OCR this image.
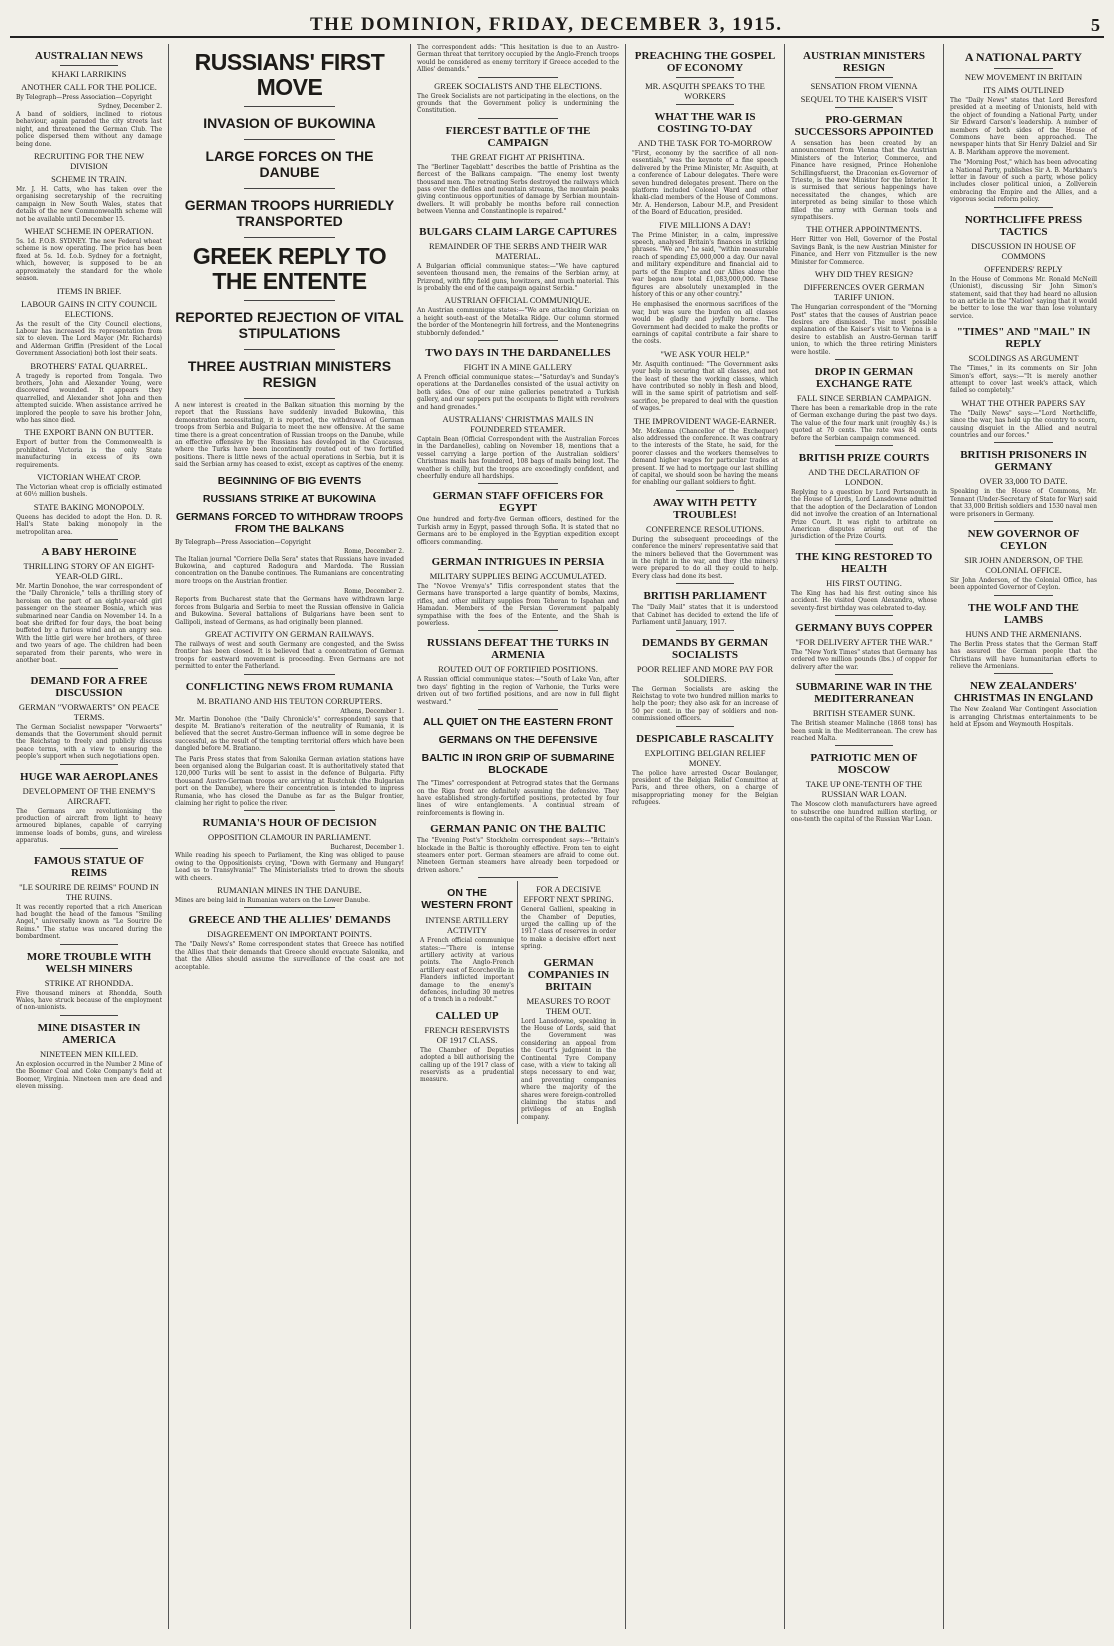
THE DOMINION, FRIDAY, DECEMBER 3, 1915.	5
AUSTRALIAN NEWS
KHAKI LARRIKINS
ANOTHER CALL FOR THE POLICE.
By Telegraph—Press Association—Copyright
Sydney, December 2.

A band of soldiers, inclined to riotous behaviour, again paraded the city streets last night, and threatened the German Club. The police dispersed them without any damage being done.

RECRUITING FOR THE NEW DIVISION
SCHEME IN TRAIN.

Mr. J. H. Catts, who has taken over the organising secretaryship of the recruiting campaign in New South Wales, states that details of the new Commonwealth scheme will not be available until December 15.

WHEAT SCHEME IN OPERATION.

5s. 1d. F.O.B. SYDNEY. The new Federal wheat scheme is now operating. The price has been fixed at 5s. 1d. f.o.b. Sydney for a fortnight, which, however, is supposed to be an approximately the standard for the whole season.

ITEMS IN BRIEF.
LABOUR GAINS IN CITY COUNCIL ELECTIONS.

As the result of the City Council elections, Labour has increased its representation from six to eleven. The Lord Mayor (Mr. Richards) and Alderman Griffin (President of the Local Government Association) both lost their seats.

BROTHERS' FATAL QUARREL.

A tragedy is reported from Tongala. Two brothers, John and Alexander Young, were discovered wounded. It appears they quarrelled, and Alexander shot John and then attempted suicide. When assistance arrived he implored the people to save his brother John, who has since died.

THE EXPORT BANN ON BUTTER.

Export of butter from the Commonwealth is prohibited. Victoria is the only State manufacturing in excess of its own requirements.

VICTORIAN WHEAT CROP.

The Victorian wheat crop is officially estimated at 60½ million bushels.

STATE BAKING MONOPOLY.

Queens has decided to adopt the Hon. D. R. Hall's State baking monopoly in the metropolitan area.

A BABY HEROINE
THRILLING STORY OF AN EIGHT-YEAR-OLD GIRL.

Mr. Martin Donohoe, the war correspondent of the "Daily Chronicle," tells a thrilling story of heroism on the part of an eight-year-old girl passenger on the steamer Bosnia, which was submarined near Candia on November 14. In a boat she drifted for four days, the boat being buffeted by a furious wind and an angry sea. With the little girl were her brothers, of three and two years of age. The children had been separated from their parents, who were in another boat.

DEMAND FOR A FREE DISCUSSION
GERMAN "VORWAERTS" ON PEACE TERMS.

The German Socialist newspaper "Vorwaerts" demands that the Government should permit the Reichstag to freely and publicly discuss peace terms, with a view to ensuring the people's support when such negotiations open.

HUGE WAR AEROPLANES
DEVELOPMENT OF THE ENEMY'S AIRCRAFT.

The Germans are revolutionising the production of aircraft from light to heavy armoured biplanes, capable of carrying immense loads of bombs, guns, and wireless apparatus.

FAMOUS STATUE OF REIMS
"LE SOURIRE DE REIMS" FOUND IN THE RUINS.

It was recently reported that a rich American had bought the head of the famous "Smiling Angel," universally known as "Le Sourire De Reims." The statue was uncared during the bombardment.

MORE TROUBLE WITH WELSH MINERS
STRIKE AT RHONDDA.

Five thousand miners at Rhondda, South Wales, have struck because of the employment of non-unionists.

MINE DISASTER IN AMERICA
NINETEEN MEN KILLED.

An explosion occurred in the Number 2 Mine of the Boomer Coal and Coke Company's field at Boomer, Virginia. Nineteen men are dead and eleven missing.

RUSSIANS' FIRST MOVE
INVASION OF BUKOWINA
LARGE FORCES ON THE DANUBE
GERMAN TROOPS HURRIEDLY TRANSPORTED
GREEK REPLY TO THE ENTENTE
REPORTED REJECTION OF VITAL STIPULATIONS
THREE AUSTRIAN MINISTERS RESIGN

A new interest is created in the Balkan situation this morning by the report that the Russians have suddenly invaded Bukowina, this demonstration necessitating, it is reported, the withdrawal of German troops from Serbia and Bulgaria to meet the new offensive. At the same time there is a great concentration of Russian troops on the Danube, while an effective offensive by the Russians has developed in the Caucasus, where the Turks have been incontinently routed out of two fortified positions. There is little news of the actual operations in Serbia, but it is said the Serbian army has ceased to exist, except as captives of the enemy.

BEGINNING OF BIG EVENTS
RUSSIANS STRIKE AT BUKOWINA
GERMANS FORCED TO WITHDRAW TROOPS FROM THE BALKANS
By Telegraph—Press Association—Copyright
Rome, December 2.

The Italian journal "Corriere Della Sera" states that Russians have invaded Bukowina, and captured Radogura and Mardoda. The Russian concentration on the Danube continues. The Rumanians are concentrating more troops on the Austrian frontier.

Rome, December 2.

Reports from Bucharest state that the Germans have withdrawn large forces from Bulgaria and Serbia to meet the Russian offensive in Galicia and Bukowina. Several battalions of Bulgarians have been sent to Gallipoli, instead of Germans, as had originally been planned.

GREAT ACTIVITY ON GERMAN RAILWAYS.

The railways of west and south Germany are congested, and the Swiss frontier has been closed. It is believed that a concentration of German troops for eastward movement is proceeding. Even Germans are not permitted to enter the Fatherland.

CONFLICTING NEWS FROM RUMANIA
M. BRATIANO AND HIS TEUTON CORRUPTERS.
Athens, December 1.

Mr. Martin Donohoe (the "Daily Chronicle's" correspondent) says that despite M. Bratiano's reiteration of the neutrality of Rumania, it is believed that the secret Austro-German influence will in some degree be successful, as the result of the tempting territorial offers which have been dangled before M. Bratiano.

The Paris Press states that from Salonika German aviation stations have been organised along the Bulgarian coast. It is authoritatively stated that 120,000 Turks will be sent to assist in the defence of Bulgaria. Fifty thousand Austro-German troops are arriving at Rustchuk (the Bulgarian port on the Danube), where their concentration is intended to impress Rumania, who has closed the Danube as far as the Bulgar frontier, claiming her right to police the river.

RUMANIA'S HOUR OF DECISION
OPPOSITION CLAMOUR IN PARLIAMENT.
Bucharest, December 1.

While reading his speech to Parliament, the King was obliged to pause owing to the Oppositionists crying, "Down with Germany and Hungary! Lead us to Transylvania!" The Ministerialists tried to drown the shouts with cheers.

RUMANIAN MINES IN THE DANUBE.

Mines are being laid in Rumanian waters on the Lower Danube.

GREECE AND THE ALLIES' DEMANDS
DISAGREEMENT ON IMPORTANT POINTS.

The "Daily News's" Rome correspondent states that Greece has notified the Allies that their demands that Greece should evacuate Salonika, and that the Allies should assume the surveillance of the coast are not acceptable.

The correspondent adds: "This hesitation is due to an Austro-German threat that territory occupied by the Anglo-French troops would be considered as enemy territory if Greece acceded to the Allies' demands."

GREEK SOCIALISTS AND THE ELECTIONS.

The Greek Socialists are not participating in the elections, on the grounds that the Government policy is undermining the Constitution.

FIERCEST BATTLE OF THE CAMPAIGN
THE GREAT FIGHT AT PRISHTINA.

The "Berliner Tageblatt" describes the battle of Prishtina as the fiercest of the Balkans campaign. "The enemy lost twenty thousand men. The retreating Serbs destroyed the railways which pass over the defiles and mountain streams, the mountain peaks giving continuous opportunities of damage by Serbian mountain-dwellers. It will probably be months before rail connection between Vienna and Constantinople is repaired."

BULGARS CLAIM LARGE CAPTURES
REMAINDER OF THE SERBS AND THEIR WAR MATERIAL.

A Bulgarian official communique states:—"We have captured seventeen thousand men, the remains of the Serbian army, at Prizrend, with fifty field guns, howitzers, and much material. This is probably the end of the campaign against Serbia."

AUSTRIAN OFFICIAL COMMUNIQUE.

An Austrian communique states:—"We are attacking Gorizian on a height south-east of the Metalka Ridge. Our column stormed the border of the Montenegrin hill fortress, and the Montenegrins stubbornly defended."

TWO DAYS IN THE DARDANELLES
FIGHT IN A MINE GALLERY

A French official communique states:—"Saturday's and Sunday's operations at the Dardanelles consisted of the usual activity on both sides. One of our mine galleries penetrated a Turkish gallery, and our sappers put the occupants to flight with revolvers and hand grenades."

AUSTRALIANS' CHRISTMAS MAILS IN FOUNDERED STEAMER.

Captain Bean (Official Correspondent with the Australian Forces in the Dardanelles), cabling on November 18, mentions that a vessel carrying a large portion of the Australian soldiers' Christmas mails has foundered, 108 bags of mails being lost. The weather is chilly, but the troops are exceedingly confident, and cheerfully endure all hardships.

GERMAN STAFF OFFICERS FOR EGYPT

One hundred and forty-five German officers, destined for the Turkish army in Egypt, passed through Sofia. It is stated that no Germans are to be employed in the Egyptian expedition except officers commanding.

GERMAN INTRIGUES IN PERSIA
MILITARY SUPPLIES BEING ACCUMULATED.

The "Novoe Vremya's" Tiflis correspondent states that the Germans have transported a large quantity of bombs, Maxims, rifles, and other military supplies from Teheran to Ispahan and Hamadan. Members of the Persian Government palpably sympathise with the foes of the Entente, and the Shah is powerless.

RUSSIANS DEFEAT THE TURKS IN ARMENIA
ROUTED OUT OF FORTIFIED POSITIONS.

A Russian official communique states:—"South of Lake Van, after two days' fighting in the region of Varhonie, the Turks were driven out of two fortified positions, and are now in full flight westward."

ALL QUIET ON THE EASTERN FRONT
GERMANS ON THE DEFENSIVE
BALTIC IN IRON GRIP OF SUBMARINE BLOCKADE

The "Times" correspondent at Petrograd states that the Germans on the Riga front are definitely assuming the defensive. They have established strongly-fortified positions, protected by four lines of wire entanglements. A continual stream of reinforcements is flowing in.

GERMAN PANIC ON THE BALTIC

The "Evening Post's" Stockholm correspondent says:—"Britain's blockade in the Baltic is thoroughly effective. From ten to eight steamers enter port. German steamers are afraid to come out. Nineteen German steamers have already been torpedoed or driven ashore."

ON THE WESTERN FRONT
INTENSE ARTILLERY ACTIVITY

A French official communique states:—"There is intense artillery activity at various points. The Anglo-French artillery east of Ecorcheville in Flanders inflicted important damage to the enemy's defences, including 30 metres of a trench in a redoubt."

CALLED UP
FRENCH RESERVISTS OF 1917 CLASS.

The Chamber of Deputies adopted a bill authorising the calling up of the 1917 class of reservists as a prudential measure.

FOR A DECISIVE EFFORT NEXT SPRING.

General Gallieni, speaking in the Chamber of Deputies, urged the calling up of the 1917 class of reserves in order to make a decisive effort next spring.

GERMAN COMPANIES IN BRITAIN
MEASURES TO ROOT THEM OUT.

Lord Lansdowne, speaking in the House of Lords, said that the Government was considering an appeal from the Court's judgment in the Continental Tyre Company case, with a view to taking all steps necessary to end war, and preventing companies where the majority of the shares were foreign-controlled claiming the status and privileges of an English company.

PREACHING THE GOSPEL OF ECONOMY
MR. ASQUITH SPEAKS TO THE WORKERS
WHAT THE WAR IS COSTING TO-DAY
AND THE TASK FOR TO-MORROW

"First, economy by the sacrifice of all non-essentials," was the keynote of a fine speech delivered by the Prime Minister, Mr. Asquith, at a conference of Labour delegates. There were seven hundred delegates present. There on the platform included Colonel Ward and other khaki-clad members of the House of Commons. Mr. A. Henderson, Labour M.P., and President of the Board of Education, presided.

FIVE MILLIONS A DAY!

The Prime Minister, in a calm, impressive speech, analysed Britain's finances in striking phrases. "We are," he said, "within measurable reach of spending £5,000,000 a day. Our naval and military expenditure and financial aid to parts of the Empire and our Allies alone the war began now total £1,083,000,000. These figures are absolutely unexampled in the history of this or any other country."

He emphasised the enormous sacrifices of the war, but was sure the burden on all classes would be gladly and joyfully borne. The Government had decided to make the profits or earnings of capital contribute a fair share to the costs.

"WE ASK YOUR HELP."

Mr. Asquith continued: "The Government asks your help in securing that all classes, and not the least of these the working classes, which have contributed so nobly in flesh and blood, will in the same spirit of patriotism and self-sacrifice, be prepared to deal with the question of wages."

THE IMPROVIDENT WAGE-EARNER.

Mr. McKenna (Chancellor of the Exchequer) also addressed the conference. It was contrary to the interests of the State, he said, for the poorer classes and the workers themselves to demand higher wages for particular trades at present. If we had to mortgage our last shilling of capital, we should soon be having the means for enabling our gallant soldiers to fight.

AWAY WITH PETTY TROUBLES!
CONFERENCE RESOLUTIONS.

During the subsequent proceedings of the conference the miners' representative said that the miners believed that the Government was in the right in the war, and they (the miners) were prepared to do all they could to help. Every class had done its best.

BRITISH PARLIAMENT

The "Daily Mail" states that it is understood that Cabinet has decided to extend the life of Parliament until January, 1917.

DEMANDS BY GERMAN SOCIALISTS
POOR RELIEF AND MORE PAY FOR SOLDIERS.

The German Socialists are asking the Reichstag to vote two hundred million marks to help the poor; they also ask for an increase of 50 per cent. in the pay of soldiers and non-commissioned officers.

DESPICABLE RASCALITY
EXPLOITING BELGIAN RELIEF MONEY.

The police have arrested Oscar Boulanger, president of the Belgian Relief Committee at Paris, and three others, on a charge of misappropriating money for the Belgian refugees.

AUSTRIAN MINISTERS RESIGN
SENSATION FROM VIENNA
SEQUEL TO THE KAISER'S VISIT
PRO-GERMAN SUCCESSORS APPOINTED

A sensation has been created by an announcement from Vienna that the Austrian Ministers of the Interior, Commerce, and Finance have resigned, Prince Hohenlohe Schillingsfuerst, the Draconian ex-Governor of Trieste, is the new Minister for the Interior. It is surmised that serious happenings have necessitated the changes, which are interpreted as being similar to those which filled the army with German tools and sympathisers.

THE OTHER APPOINTMENTS.

Herr Ritter von Hell, Governor of the Postal Savings Bank, is the new Austrian Minister for Finance, and Herr von Fitzmuller is the new Minister for Commerce.

WHY DID THEY RESIGN?
DIFFERENCES OVER GERMAN TARIFF UNION.

The Hungarian correspondent of the "Morning Post" states that the causes of Austrian peace desires are dismissed. The most possible explanation of the Kaiser's visit to Vienna is a desire to establish an Austro-German tariff union, to which the three retiring Ministers were hostile.

DROP IN GERMAN EXCHANGE RATE
FALL SINCE SERBIAN CAMPAIGN.

There has been a remarkable drop in the rate of German exchange during the past two days. The value of the four mark unit (roughly 4s.) is quoted at 70 cents. The rate was 84 cents before the Serbian campaign commenced.

BRITISH PRIZE COURTS
AND THE DECLARATION OF LONDON.

Replying to a question by Lord Portsmouth in the House of Lords, Lord Lansdowne admitted that the adoption of the Declaration of London did not involve the creation of an International Prize Court. It was right to arbitrate on American disputes arising out of the jurisdiction of the Prize Courts.

THE KING RESTORED TO HEALTH
HIS FIRST OUTING.

The King has had his first outing since his accident. He visited Queen Alexandra, whose seventy-first birthday was celebrated to-day.

GERMANY BUYS COPPER
"FOR DELIVERY AFTER THE WAR."

The "New York Times" states that Germany has ordered two million pounds (lbs.) of copper for delivery after the war.

SUBMARINE WAR IN THE MEDITERRANEAN
BRITISH STEAMER SUNK.

The British steamer Malinche (1868 tons) has been sunk in the Mediterranean. The crew has reached Malta.

PATRIOTIC MEN OF MOSCOW
TAKE UP ONE-TENTH OF THE RUSSIAN WAR LOAN.

The Moscow cloth manufacturers have agreed to subscribe one hundred million sterling, or one-tenth the capital of the Russian War Loan.

A NATIONAL PARTY
NEW MOVEMENT IN BRITAIN
ITS AIMS OUTLINED

The "Daily News" states that Lord Beresford presided at a meeting of Unionists, held with the object of founding a National Party, under Sir Edward Carson's leadership. A number of members of both sides of the House of Commons have been approached. The newspaper hints that Sir Henry Dalziel and Sir A. B. Markham approve the movement.

The "Morning Post," which has been advocating a National Party, publishes Sir A. B. Markham's letter in favour of such a party, whose policy includes closer political union, a Zollverein embracing the Empire and the Allies, and a vigorous social reform policy.

NORTHCLIFFE PRESS TACTICS
DISCUSSION IN HOUSE OF COMMONS
OFFENDERS' REPLY

In the House of Commons Mr. Ronald McNeill (Unionist), discussing Sir John Simon's statement, said that they had heard no allusion to an article in the "Nation" saying that it would be better to lose the war than lose voluntary service.

"TIMES" AND "MAIL" IN REPLY
SCOLDINGS AS ARGUMENT

The "Times," in its comments on Sir John Simon's effort, says:—"It is merely another attempt to cover last week's attack, which failed so completely."

WHAT THE OTHER PAPERS SAY

The "Daily News" says:—"Lord Northcliffe, since the war, has held up the country to scorn, causing disquiet in the Allied and neutral countries and our forces."

BRITISH PRISONERS IN GERMANY
OVER 33,000 TO DATE.

Speaking in the House of Commons, Mr. Tennant (Under-Secretary of State for War) said that 33,000 British soldiers and 1530 naval men were prisoners in Germany.

NEW GOVERNOR OF CEYLON
SIR JOHN ANDERSON, OF THE COLONIAL OFFICE.

Sir John Anderson, of the Colonial Office, has been appointed Governor of Ceylon.

THE WOLF AND THE LAMBS
HUNS AND THE ARMENIANS.

The Berlin Press states that the German Staff has assured the German people that the Christians will have humanitarian efforts to relieve the Armenians.

NEW ZEALANDERS' CHRISTMAS IN ENGLAND

The New Zealand War Contingent Association is arranging Christmas entertainments to be held at Epsom and Weymouth Hospitals.
